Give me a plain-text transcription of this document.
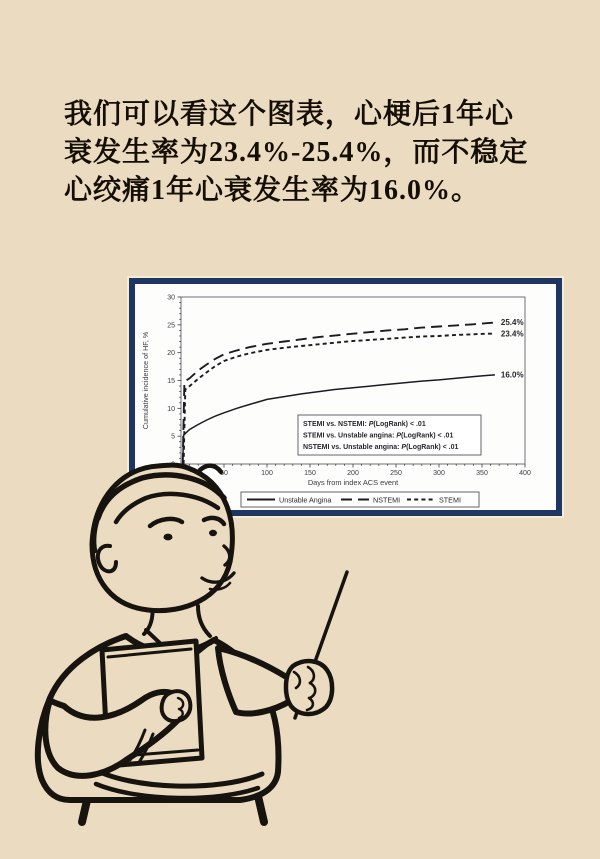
我们可以看这个图表，心梗后1年心
衰发生率为23.4%-25.4%，而不稳定
心绞痛1年心衰发生率为16.0%。
50	100	150	200	250	300	350	400
5
10
15
20
25
30
Days from index ACS event
Cumulative incidence of HF, %	16.0%
25.4%
23.4%
STEMI vs. NSTEMI: P(LogRank) < .01
STEMI vs. Unstable angina: P(LogRank) < .01
NSTEMI vs. Unstable angina: P(LogRank) < .01
Unstable Angina	NSTEMI	STEMI
